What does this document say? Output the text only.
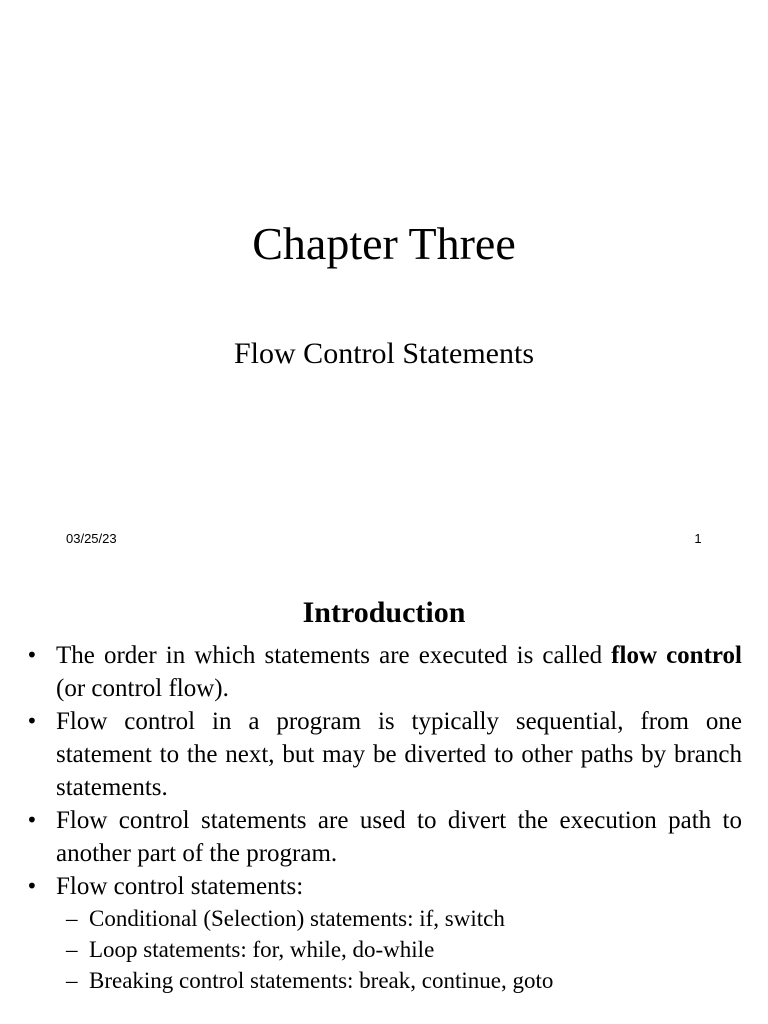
Chapter Three
Flow Control Statements
03/25/23	1
Introduction
• The order in which statements are executed is called flow control (or control flow).
• Flow control in a program is typically sequential, from one statement to the next, but may be diverted to other paths by branch statements.
• Flow control statements are used to divert the execution path to another part of the program.
• Flow control statements:
– Conditional (Selection) statements: if, switch
– Loop statements: for, while, do-while
– Breaking control statements: break, continue, goto
